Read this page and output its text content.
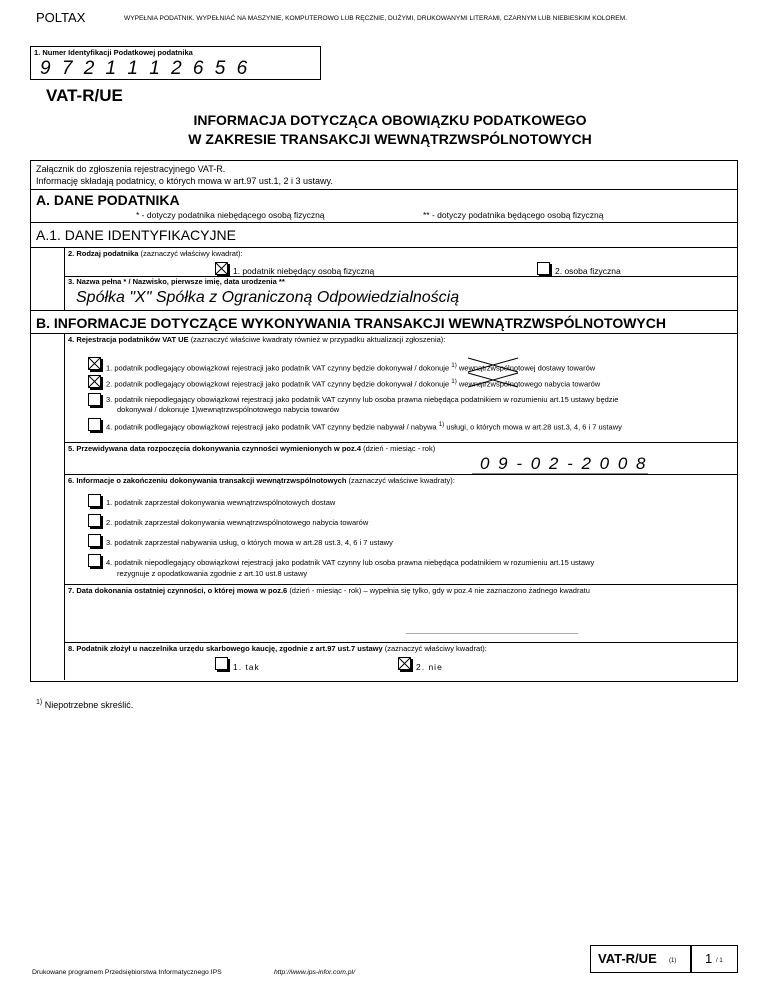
POLTAX	WYPEŁNIA PODATNIK. WYPEŁNIAĆ NA MASZYNIE, KOMPUTEROWO LUB RĘCZNIE, DUŻYMI, DRUKOWANYMI LITERAMI, CZARNYM LUB NIEBIESKIM KOLOREM.
1. Numer Identyfikacji Podatkowej podatnika
9 7 2 1 1 1 2 6 5 6
VAT-R/UE
INFORMACJA DOTYCZĄCA OBOWIĄZKU PODATKOWEGO
W ZAKRESIE TRANSAKCJI WEWNĄTRZWSPÓLNOTOWYCH
Załącznik do zgłoszenia rejestracyjnego VAT-R.
Informację składają podatnicy, o których mowa w art.97 ust.1, 2 i 3 ustawy.
A. DANE PODATNIKA
* - dotyczy podatnika niebędącego osobą fizyczną	** - dotyczy podatnika będącego osobą fizyczną
A.1. DANE IDENTYFIKACYJNE
2. Rodzaj podatnika (zaznaczyć właściwy kwadrat):
1. podatnik niebędący osobą fizyczną	2. osoba fizyczna
3. Nazwa pełna * / Nazwisko, pierwsze imię, data urodzenia **
Spółka "X" Spółka z Ograniczoną Odpowiedzialnością
B. INFORMACJE DOTYCZĄCE WYKONYWANIA TRANSAKCJI WEWNĄTRZWSPÓLNOTOWYCH
4. Rejestracja podatników VAT UE (zaznaczyć właściwe kwadraty również w przypadku aktualizacji zgłoszenia):
1. podatnik podlegający obowiązkowi rejestracji jako podatnik VAT czynny będzie dokonywał / dokonuje $^{1)}$ wewnątrzwspólnotowej dostawy towarów
2. podatnik podlegający obowiązkowi rejestracji jako podatnik VAT czynny będzie dokonywał / dokonuje $^{1)}$ wewnątrzwspólnotowego nabycia towarów
3. podatnik niepodlegający obowiązkowi rejestracji jako podatnik VAT czynny lub osoba prawna niebędąca podatnikiem w rozumieniu art.15 ustawy będzie
dokonywał / dokonuje 1)wewnątrzwspólnotowego nabycia towarów
4. podatnik podlegający obowiązkowi rejestracji jako podatnik VAT czynny będzie nabywał / nabywa $^{1)}$ usługi, o których mowa w art.28 ust.3, 4, 6 i 7 ustawy
5. Przewidywana data rozpoczęcia dokonywania czynności wymienionych w poz.4 (dzień - miesiąc - rok)
0 9 - 0 2 - 2 0 0 8
6. Informacje o zakończeniu dokonywania transakcji wewnątrzwspólnotowych (zaznaczyć właściwe kwadraty):
1. podatnik zaprzestał dokonywania wewnątrzwspólnotowych dostaw
2. podatnik zaprzestał dokonywania wewnątrzwspólnotowego nabycia towarów
3. podatnik zaprzestał nabywania usług, o których mowa w art.28 ust.3, 4, 6 i 7 ustawy
4. podatnik niepodlegający obowiązkowi rejestracji jako podatnik VAT czynny lub osoba prawna niebędąca podatnikiem w rozumieniu art.15 ustawy
rezygnuje z opodatkowania zgodnie z art.10 ust.8 ustawy
7. Data dokonania ostatniej czynności, o której mowa w poz.6 (dzień - miesiąc - rok) – wypełnia się tylko, gdy w poz.4 nie zaznaczono żadnego kwadratu
8. Podatnik złożył u naczelnika urzędu skarbowego kaucję, zgodnie z art.97 ust.7 ustawy (zaznaczyć właściwy kwadrat):
1. tak	2. nie
$^{1)}$ Niepotrzebne skreślić.
Drukowane programem Przedsiębiorstwa Informatycznego IPS	http://www.ips-infor.com.pl/
VAT-R/UE (1) 1 / 1
